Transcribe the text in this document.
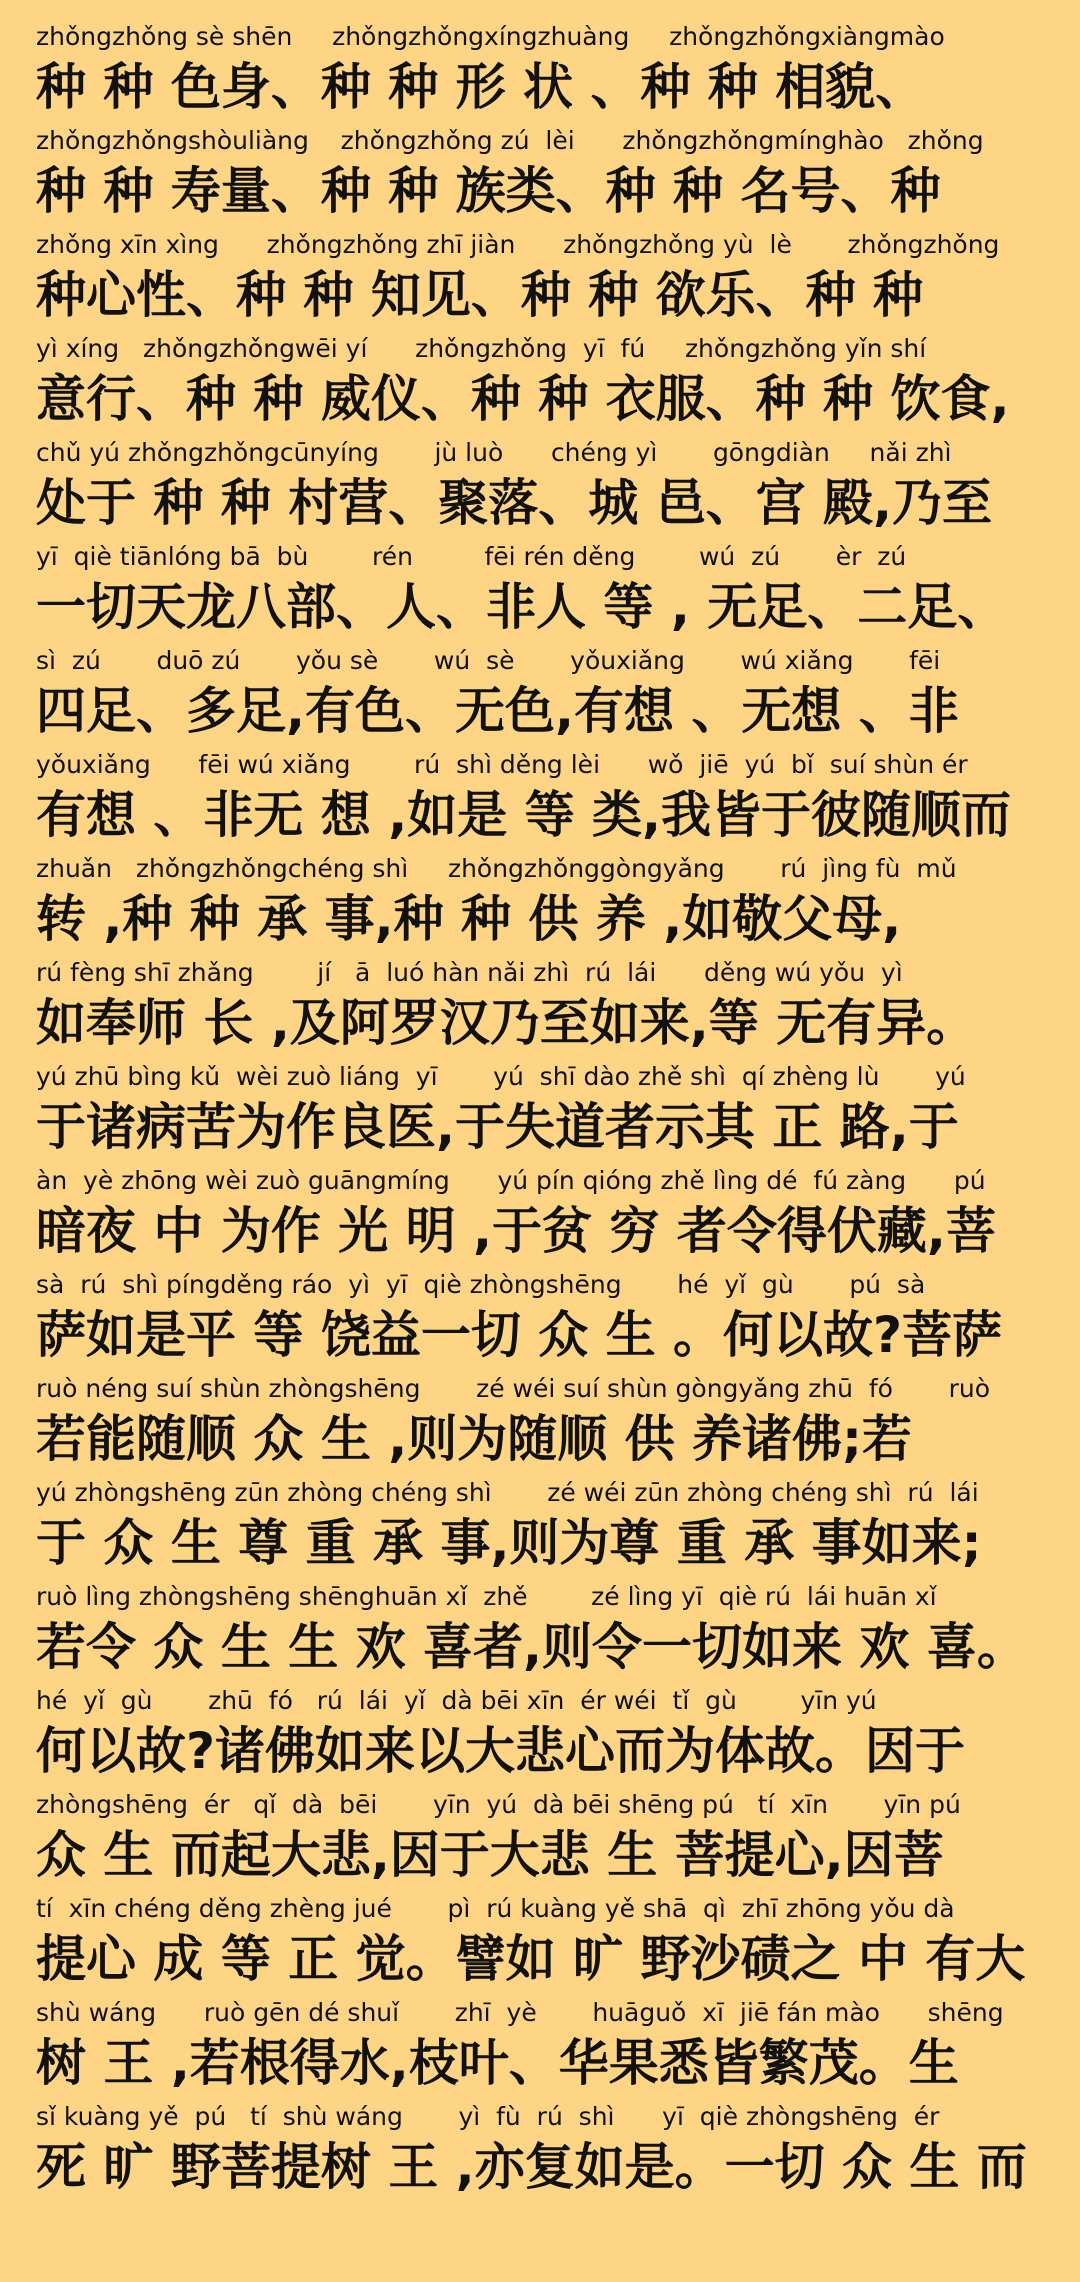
zhǒngzhǒng sè shēn     zhǒngzhǒngxíngzhuàng     zhǒngzhǒngxiàngmào
种 种 色身、种 种 形 状 、种 种 相貌、
zhǒngzhǒngshòuliàng    zhǒngzhǒng zú  lèi      zhǒngzhǒngmínghào   zhǒng
种 种 寿量、种 种 族类、种 种 名号、种
zhǒng xīn xìng      zhǒngzhǒng zhī jiàn      zhǒngzhǒng yù  lè       zhǒngzhǒng
种心性、种 种 知见、种 种 欲乐、种 种
yì xíng   zhǒngzhǒngwēi yí      zhǒngzhǒng  yī  fú     zhǒngzhǒng yǐn shí
意行、种 种 威仪、种 种 衣服、种 种 饮食,
chǔ yú zhǒngzhǒngcūnyíng       jù luò      chéng yì       gōngdiàn     nǎi zhì
处于 种 种 村营、聚落、城 邑、宫 殿,乃至
yī  qiè tiānlóng bā  bù        rén         fēi rén děng        wú  zú       èr  zú
一切天龙八部、人、非人 等 , 无足、二足、
sì  zú       duō zú       yǒu sè       wú  sè       yǒuxiǎng       wú xiǎng       fēi
四足、多足,有色、无色,有想 、无想 、非
yǒuxiǎng      fēi wú xiǎng        rú  shì děng lèi      wǒ  jiē  yú  bǐ  suí shùn ér
有想 、非无 想 ,如是 等 类,我皆于彼随顺而
zhuǎn   zhǒngzhǒngchéng shì     zhǒngzhǒnggòngyǎng       rú  jìng fù  mǔ
转 ,种 种 承 事,种 种 供 养 ,如敬父母,
rú fèng shī zhǎng        jí   ā  luó hàn nǎi zhì  rú  lái      děng wú yǒu  yì
如奉师 长 ,及阿罗汉乃至如来,等 无有异。
yú zhū bìng kǔ  wèi zuò liáng  yī       yú  shī dào zhě shì  qí zhèng lù       yú
于诸病苦为作良医,于失道者示其 正 路,于
àn  yè zhōng wèi zuò guāngmíng      yú pín qióng zhě lìng dé  fú zàng      pú
暗夜 中 为作 光 明 ,于贫 穷 者令得伏藏,菩
sà  rú  shì píngděng ráo  yì  yī  qiè zhòngshēng       hé  yǐ  gù       pú  sà
萨如是平 等 饶益一切 众 生 。何以故?菩萨
ruò néng suí shùn zhòngshēng       zé wéi suí shùn gòngyǎng zhū  fó       ruò
若能随顺 众 生 ,则为随顺 供 养诸佛;若
yú zhòngshēng zūn zhòng chéng shì       zé wéi zūn zhòng chéng shì  rú  lái
于 众 生 尊 重 承 事,则为尊 重 承 事如来;
ruò lìng zhòngshēng shēnghuān xǐ  zhě        zé lìng yī  qiè rú  lái huān xǐ
若令 众 生 生 欢 喜者,则令一切如来 欢 喜。
hé  yǐ  gù       zhū  fó   rú  lái  yǐ  dà bēi xīn  ér wéi  tǐ  gù        yīn yú
何以故?诸佛如来以大悲心而为体故。因于
zhòngshēng  ér   qǐ  dà  bēi       yīn  yú  dà bēi shēng pú   tí  xīn       yīn pú
众 生 而起大悲,因于大悲 生 菩提心,因菩
tí  xīn chéng děng zhèng jué       pì  rú kuàng yě shā  qì  zhī zhōng yǒu dà
提心 成 等 正 觉。譬如 旷 野沙碛之 中 有大
shù wáng      ruò gēn dé shuǐ       zhī  yè       huāguǒ  xī  jiē fán mào      shēng
树 王 ,若根得水,枝叶、华果悉皆繁茂。生
sǐ kuàng yě  pú   tí  shù wáng       yì  fù  rú  shì      yī  qiè zhòngshēng  ér
死 旷 野菩提树 王 ,亦复如是。一切 众 生 而
